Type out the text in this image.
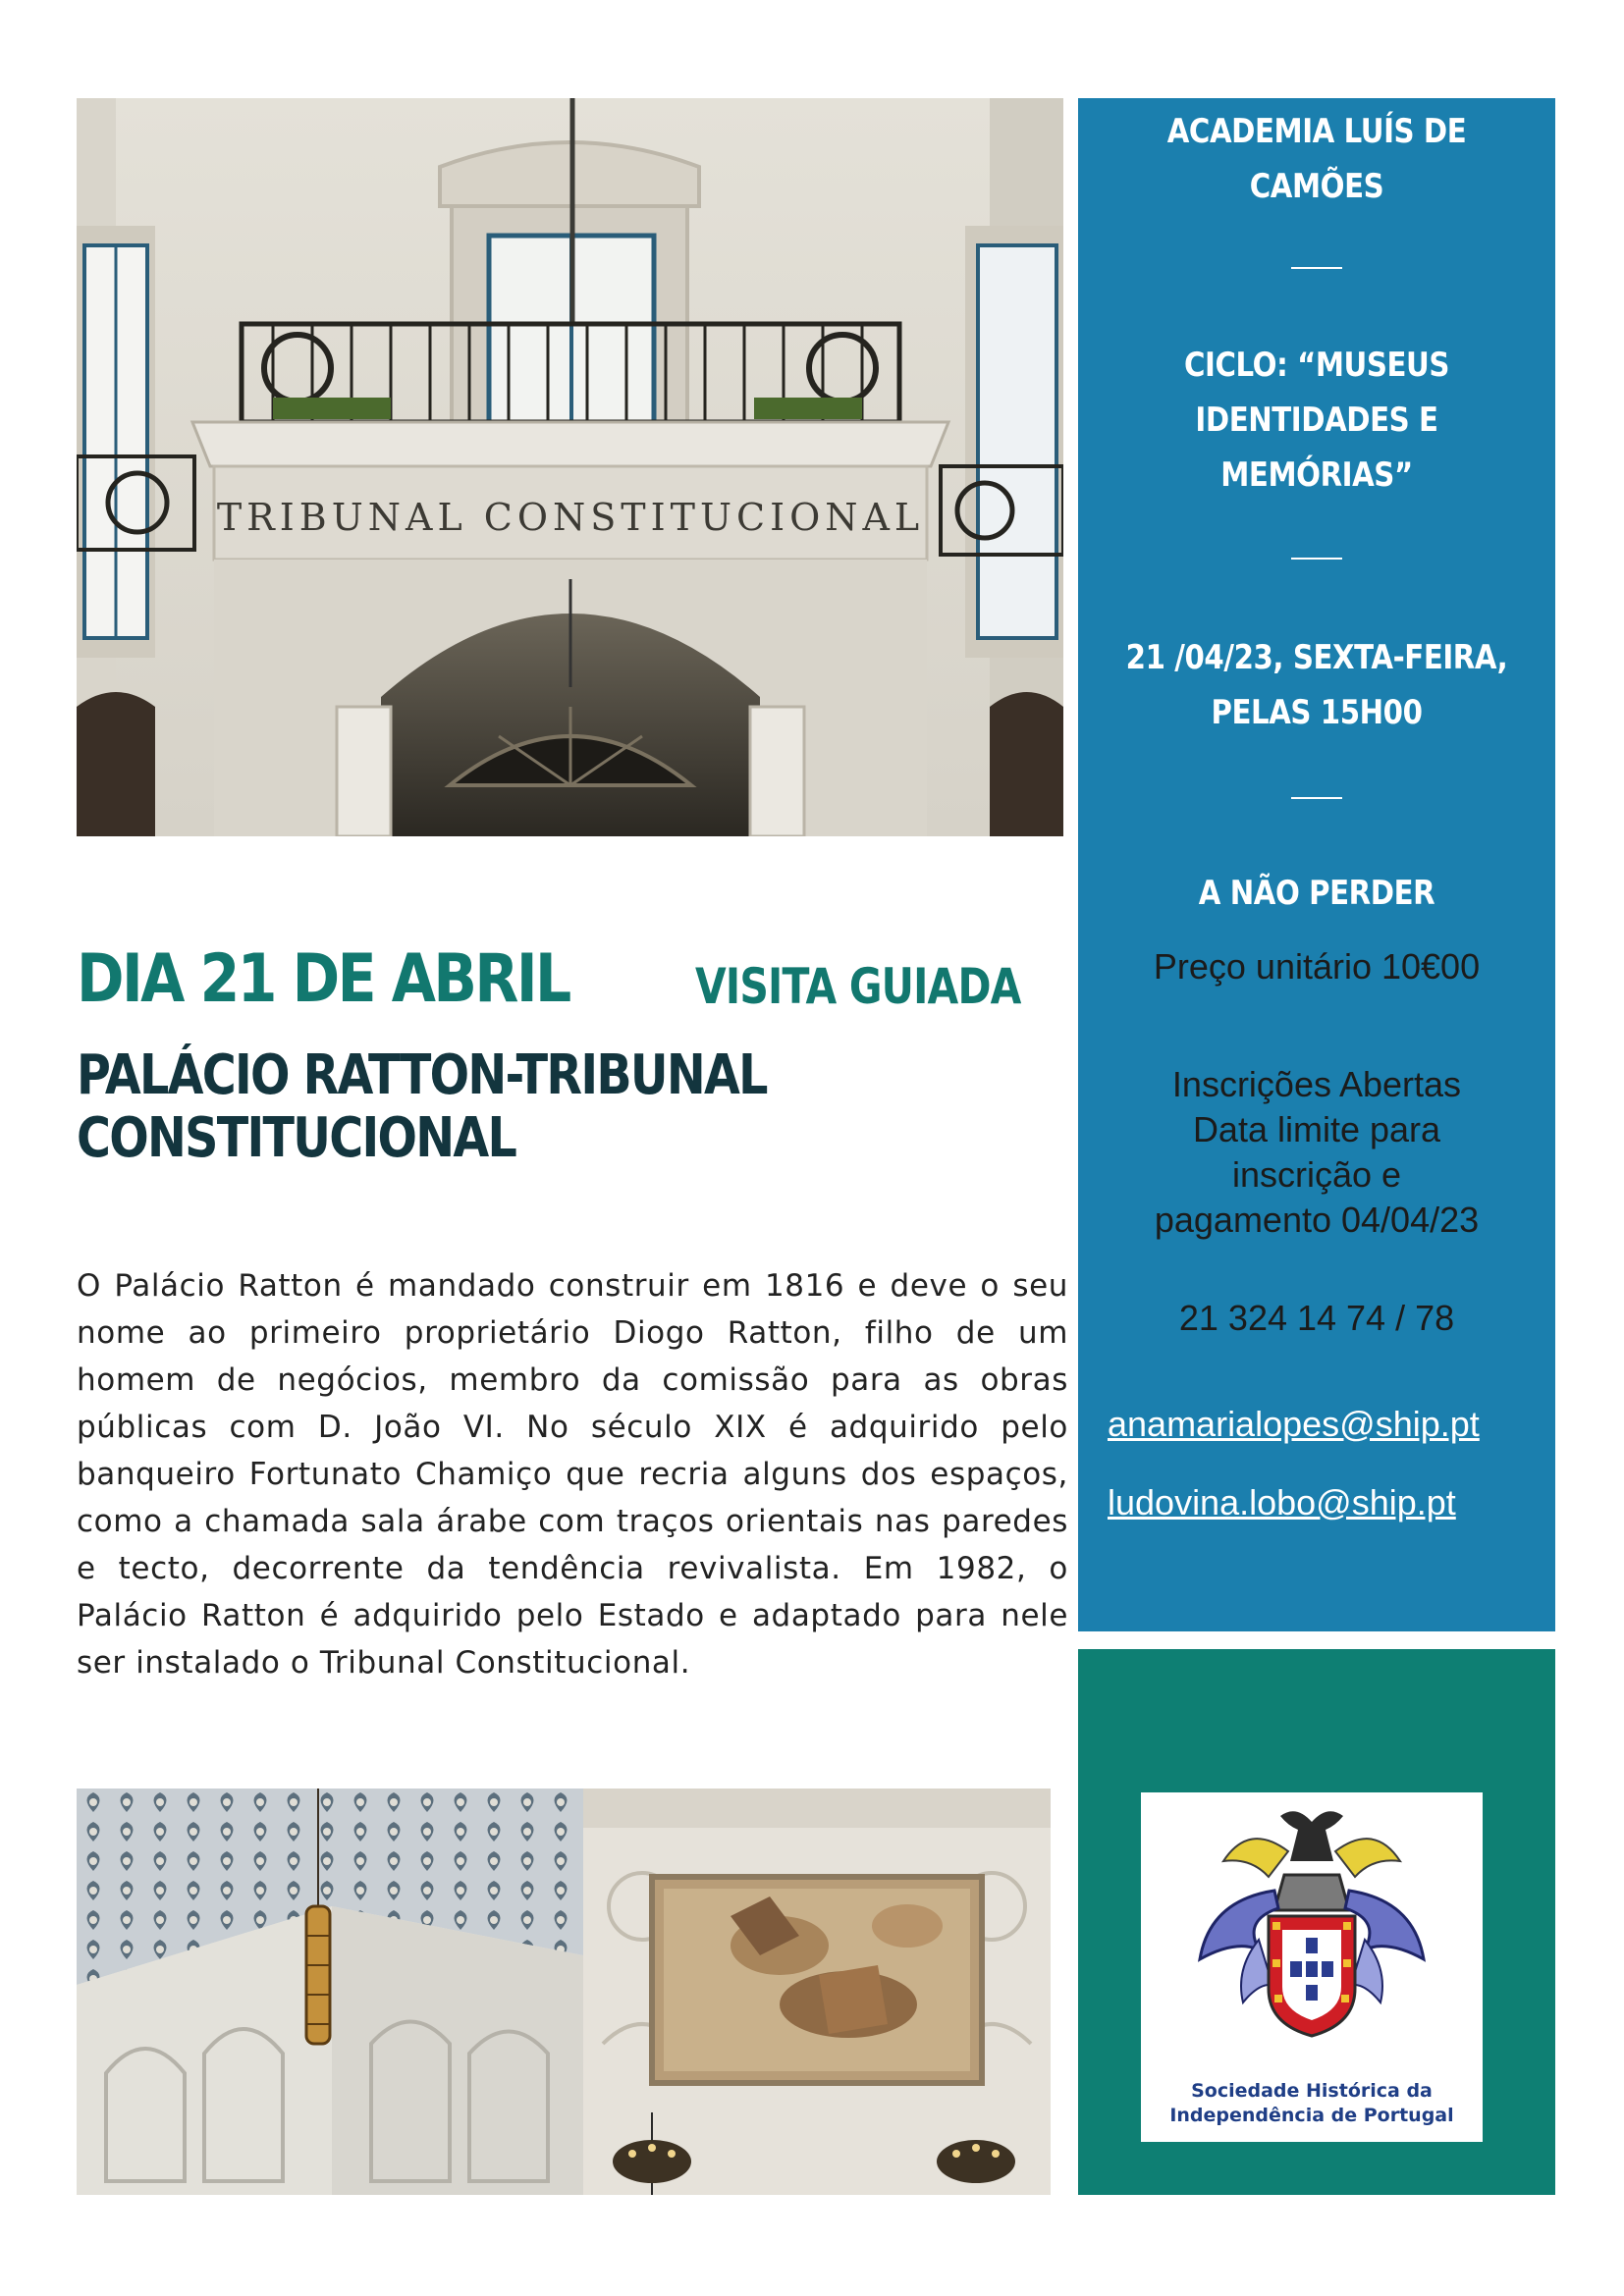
TRIBUNAL CONSTITUCIONAL
DIA 21 DE ABRIL	VISITA GUIADA
PALÁCIO RATTON-TRIBUNAL
CONSTITUCIONAL

O Palácio Ratton é mandado construir em 1816 e deve o seu nome ao primeiro proprietário Diogo Ratton, filho de um homem de negócios, membro da comissão para as obras públicas com D. João VI. No século XIX é adquirido pelo banqueiro Fortunato Chamiço que recria alguns dos espaços, como a chamada sala árabe com traços orientais nas paredes e tecto, decorrente da tendência revivalista. Em 1982, o Palácio Ratton é adquirido pelo Estado e adaptado para nele ser instalado o Tribunal Constitucional.

ACADEMIA LUÍS DE
CAMÕES
CICLO: “MUSEUS
IDENTIDADES E
MEMÓRIAS”
21 /04/23, SEXTA-FEIRA,
PELAS 15H00
A NÃO PERDER
Preço unitário 10€00
Inscrições Abertas
Data limite para
inscrição e
pagamento 04/04/23
21 324 14 74 / 78
anamarialopes@ship.pt
ludovina.lobo@ship.pt
Sociedade Histórica da
Independência de Portugal
